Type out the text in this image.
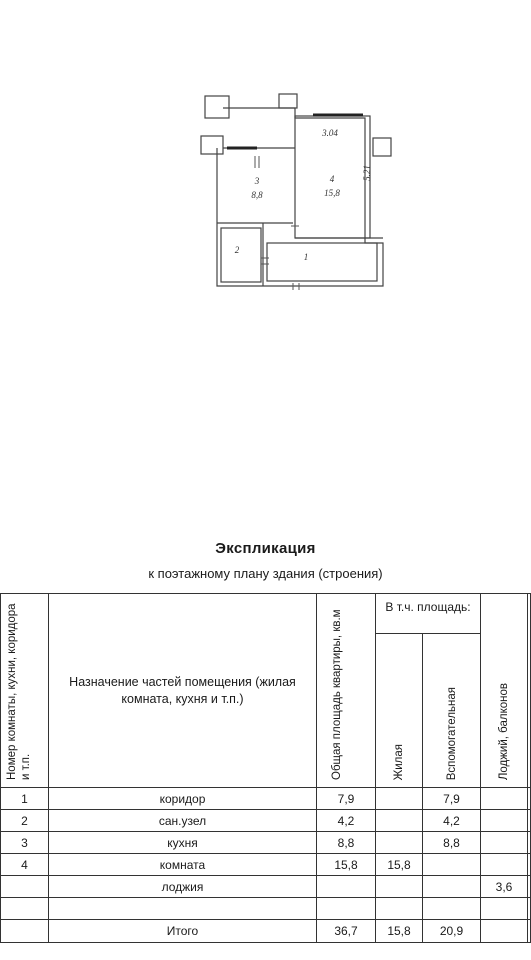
3.04
5.21
3
8,8
4
15,8
2
1
Экспликация
к поэтажному плану здания (строения)
Номер комнаты, кухни, коридора и т.п.	Назначение частей помещения (жилая комната, кухня и т.п.)	Общая площадь квартиры, кв.м	В т.ч. площадь:		Лоджий, балконов	
			Жилая	Вспомогательная		
1	коридор	7,9		7,9		
2	сан.узел	4,2		4,2		
3	кухня	8,8		8,8		
4	комната	15,8	15,8			
	лоджия				3,6	

	Итого	36,7	15,8	20,9		
